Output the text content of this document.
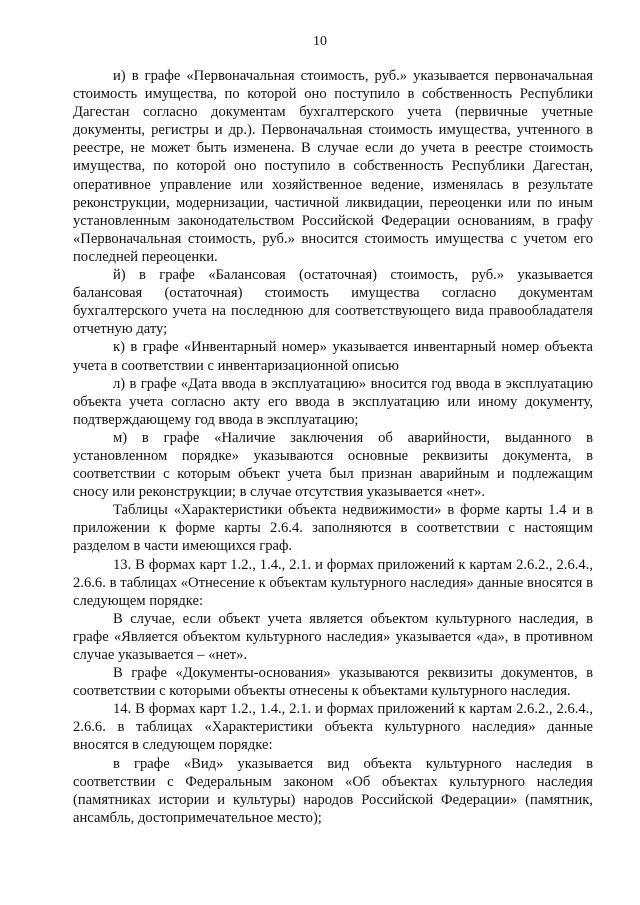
10

и) в графе «Первоначальная стоимость, руб.» указывается первоначальная стоимость имущества, по которой оно поступило в собственность Республики Дагестан согласно документам бухгалтерского учета (первичные учетные документы, регистры и др.). Первоначальная стоимость имущества, учтенного в реестре, не может быть изменена. В случае если до учета в реестре стоимость имущества, по которой оно поступило в собственность Республики Дагестан, оперативное управление или хозяйственное ведение, изменялась в результате реконструкции, модернизации, частичной ликвидации, переоценки или по иным установленным законодательством Российской Федерации основаниям, в графу «Первоначальная стоимость, руб.» вносится стоимость имущества с учетом его последней переоценки.

й) в графе «Балансовая (остаточная) стоимость, руб.» указывается балансовая (остаточная) стоимость имущества согласно документам бухгалтерского учета на последнюю для соответствующего вида правообладателя отчетную дату;

к) в графе «Инвентарный номер» указывается инвентарный номер объекта учета в соответствии с инвентаризационной описью

л) в графе «Дата ввода в эксплуатацию» вносится год ввода в эксплуатацию объекта учета согласно акту его ввода в эксплуатацию или иному документу, подтверждающему год ввода в эксплуатацию;

м) в графе «Наличие заключения об аварийности, выданного в установленном порядке» указываются основные реквизиты документа, в соответствии с которым объект учета был признан аварийным и подлежащим сносу или реконструкции; в случае отсутствия указывается «нет».

Таблицы «Характеристики объекта недвижимости» в форме карты 1.4 и в приложении к форме карты 2.6.4. заполняются в соответствии с настоящим разделом в части имеющихся граф.

13. В формах карт 1.2., 1.4., 2.1. и формах приложений к картам 2.6.2., 2.6.4., 2.6.6. в таблицах «Отнесение к объектам культурного наследия» данные вносятся в следующем порядке:

В случае, если объект учета является объектом культурного наследия, в графе «Является объектом культурного наследия» указывается «да», в противном случае указывается – «нет».

В графе «Документы-основания» указываются реквизиты документов, в соответствии с которыми объекты отнесены к объектами культурного наследия.

14. В формах карт 1.2., 1.4., 2.1. и формах приложений к картам 2.6.2., 2.6.4., 2.6.6. в таблицах «Характеристики объекта культурного наследия» данные вносятся в следующем порядке:

в графе «Вид» указывается вид объекта культурного наследия в соответствии с Федеральным законом «Об объектах культурного наследия (памятниках истории и культуры) народов Российской Федерации» (памятник, ансамбль, достопримечательное место);
